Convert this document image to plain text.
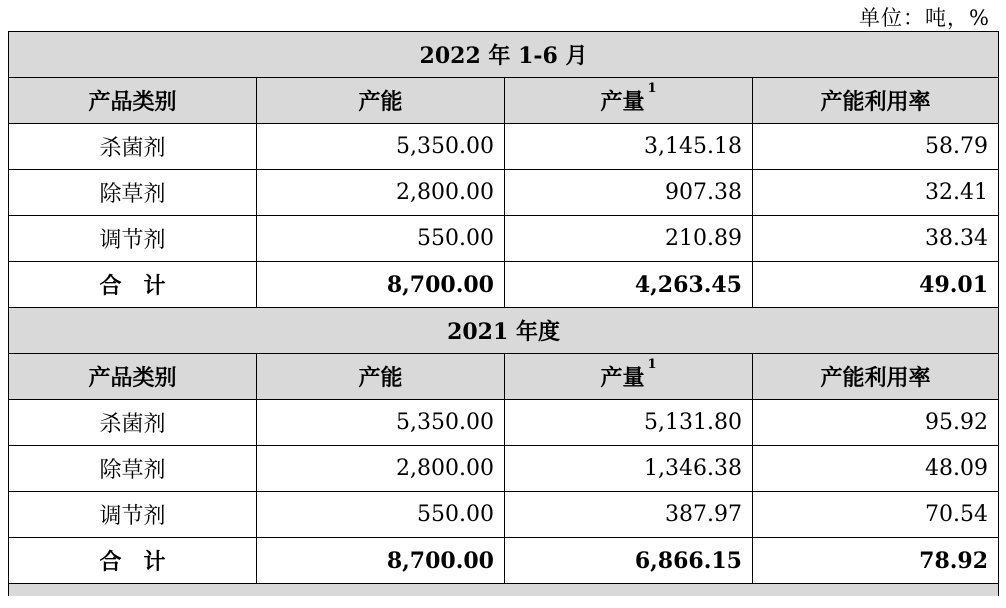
单位：吨，%
2022 年 1-6 月			
产品类别	产能	产量$^1$	产能利用率
杀菌剂	5,350.00	3,145.18	58.79
除草剂	2,800.00	907.38	32.41
调节剂	550.00	210.89	38.34
合　计	8,700.00	4,263.45	49.01
2021 年度			
产品类别	产能	产量$^1$	产能利用率
杀菌剂	5,350.00	5,131.80	95.92
除草剂	2,800.00	1,346.38	48.09
调节剂	550.00	387.97	70.54
合　计	8,700.00	6,866.15	78.92
